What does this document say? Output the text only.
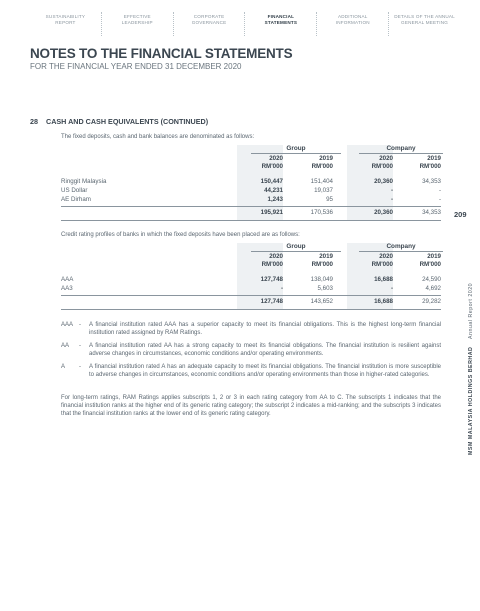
SUSTAINABILITY
REPORT
EFFECTIVE
LEADERSHIP
CORPORATE
GOVERNANCE
FINANCIAL
STATEMENTS
ADDITIONAL
INFORMATION
DETAILS OF THE ANNUAL
GENERAL MEETING
NOTES TO THE FINANCIAL STATEMENTS
FOR THE FINANCIAL YEAR ENDED 31 DECEMBER 2020
28 CASH AND CASH EQUIVALENTS (CONTINUED)
The fixed deposits, cash and bank balances are denominated as follows:
Group	Company
2020	2019	2020	2019
RM'000	RM'000	RM'000	RM'000
Ringgit Malaysia	150,447	151,404	20,360	34,353
US Dollar	44,231	19,037	-	-
AE Dirham	1,243	95	-	-
195,921	170,536	20,360	34,353
Credit rating profiles of banks in which the fixed deposits have been placed are as follows:
Group	Company
2020	2019	2020	2019
RM'000	RM'000	RM'000	RM'000
AAA	127,748	138,049	16,688	24,590
AA3	-	5,603	-	4,692
127,748	143,652	16,688	29,282
AAA - A financial institution rated AAA has a superior capacity to meet its financial obligations. This is the highest long-term financial institution rated assigned by RAM Ratings.
AA	- A financial institution rated AA has a strong capacity to meet its financial obligations. The financial institution is resilient against adverse changes in circumstances, economic conditions and/or operating environments.
A	- A financial institution rated A has an adequate capacity to meet its financial obligations. The financial institution is more susceptible to adverse changes in circumstances, economic conditions and/or operating environments than those in higher-rated categories.
For long-term ratings, RAM Ratings applies subscripts 1, 2 or 3 in each rating category from AA to C. The subscripts 1 indicates that the financial institution ranks at the higher end of its generic rating category; the subscript 2 indicates a mid-ranking; and the subscripts 3 indicates that the financial institution ranks at the lower end of its generic rating category.
209
MSM MALAYSIA HOLDINGS BERHAD    Annual Report 2020
